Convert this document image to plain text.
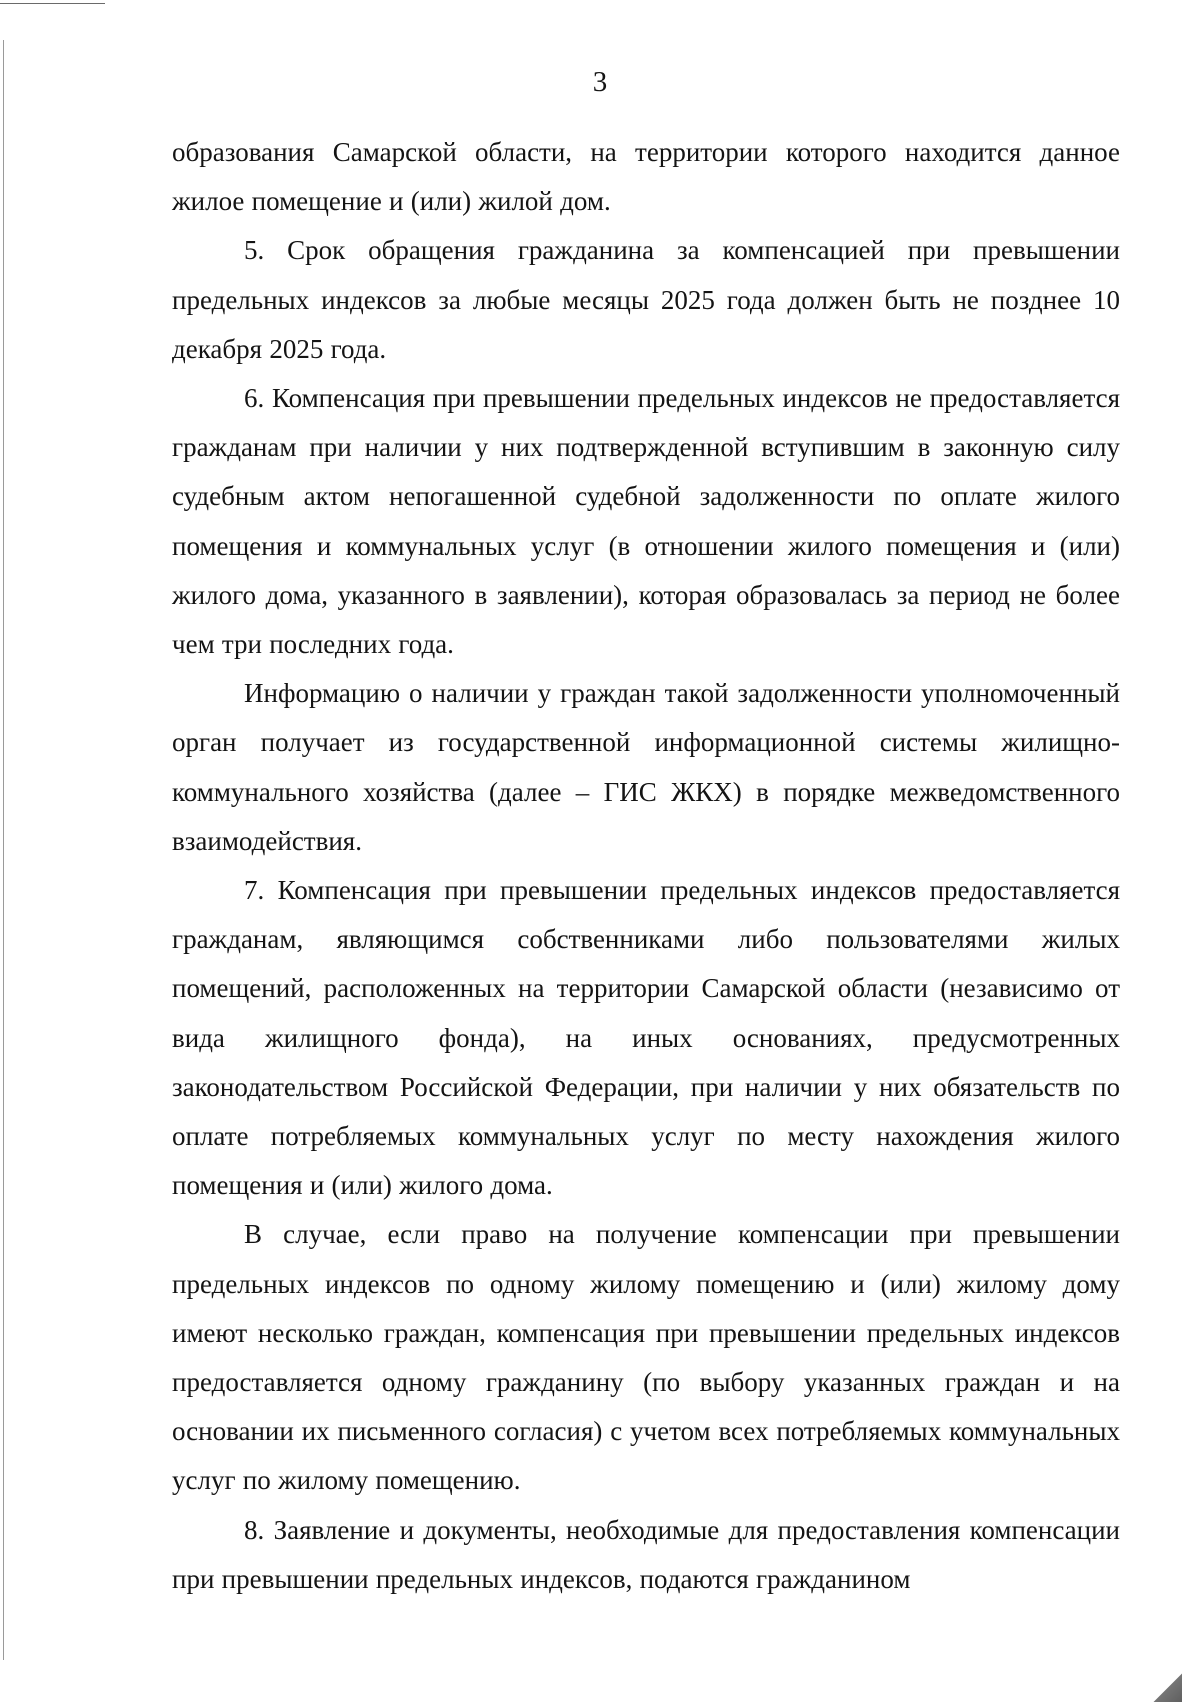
3

образования Самарской области, на территории которого находится данное жилое помещение и (или) жилой дом.

5. Срок обращения гражданина за компенсацией при превышении предельных индексов за любые месяцы 2025 года должен быть не позднее 10 декабря 2025 года.

6. Компенсация при превышении предельных индексов не предоставляется гражданам при наличии у них подтвержденной вступившим в законную силу судебным актом непогашенной судебной задолженности по оплате жилого помещения и коммунальных услуг (в отношении жилого помещения и (или) жилого дома, указанного в заявлении), которая образовалась за период не более чем три последних года.

Информацию о наличии у граждан такой задолженности уполномоченный орган получает из государственной информационной системы жилищно-коммунального хозяйства (далее – ГИС ЖКХ) в порядке межведомственного взаимодействия.

7. Компенсация при превышении предельных индексов предоставляется гражданам, являющимся собственниками либо пользователями жилых помещений, расположенных на территории Самарской области (независимо от вида жилищного фонда), на иных основаниях, предусмотренных законодательством Российской Федерации, при наличии у них обязательств по оплате потребляемых коммунальных услуг по месту нахождения жилого помещения и (или) жилого дома.

В случае, если право на получение компенсации при превышении предельных индексов по одному жилому помещению и (или) жилому дому имеют несколько граждан, компенсация при превышении предельных индексов предоставляется одному гражданину (по выбору указанных граждан и на основании их письменного согласия) с учетом всех потребляемых коммунальных услуг по жилому помещению.

8. Заявление и документы, необходимые для предоставления компенсации при превышении предельных индексов, подаются гражданином
